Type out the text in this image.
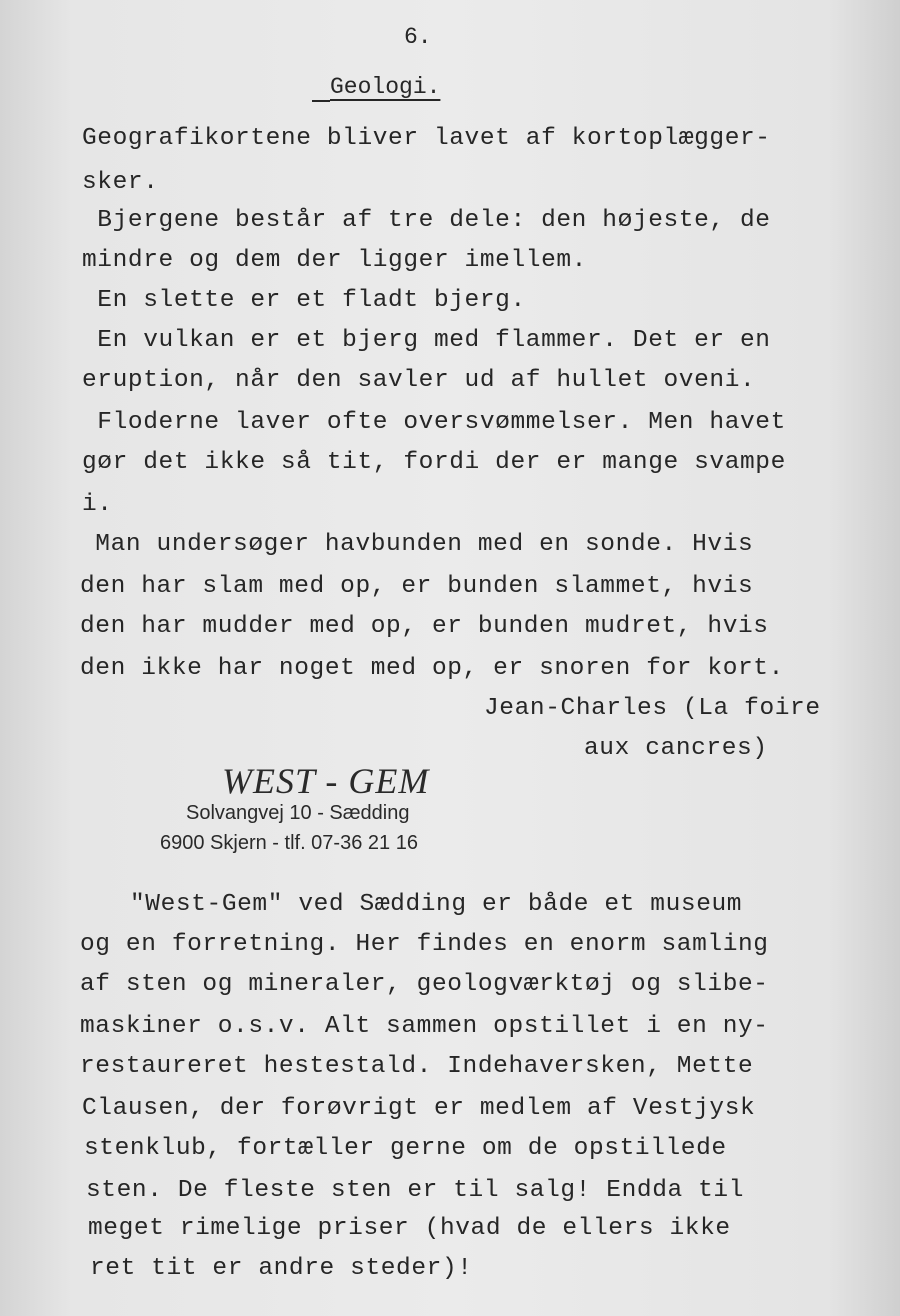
6.
Geologi.
Geografikortene bliver lavet af kortoplægger-
sker.
Bjergene består af tre dele: den højeste, de
mindre og dem der ligger imellem.
En slette er et fladt bjerg.
En vulkan er et bjerg med flammer. Det er en
eruption, når den savler ud af hullet oveni.
Floderne laver ofte oversvømmelser. Men havet
gør det ikke så tit, fordi der er mange svampe
i.
Man undersøger havbunden med en sonde. Hvis
den har slam med op, er bunden slammet, hvis
den har mudder med op, er bunden mudret, hvis
den ikke har noget med op, er snoren for kort.
Jean-Charles (La foire
aux cancres)
WEST - GEM
Solvangvej 10 - Sædding
6900 Skjern - tlf. 07-36 21 16
"West-Gem" ved Sædding er både et museum
og en forretning. Her findes en enorm samling
af sten og mineraler, geologværktøj og slibe-
maskiner o.s.v. Alt sammen opstillet i en ny-
restaureret hestestald. Indehaversken, Mette
Clausen, der forøvrigt er medlem af Vestjysk
stenklub, fortæller gerne om de opstillede
sten. De fleste sten er til salg! Endda til
meget rimelige priser (hvad de ellers ikke
ret tit er andre steder)!
